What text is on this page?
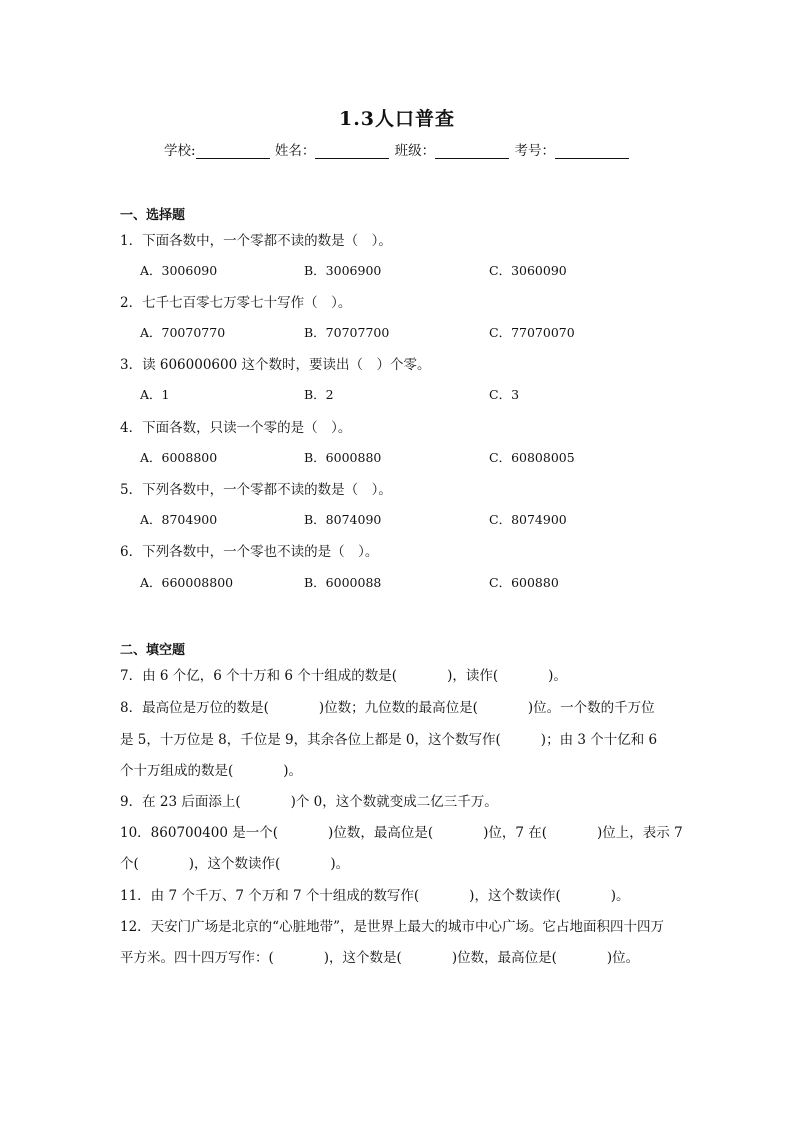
1.3人口普查
学校:	姓名：	班级：	考号：
一、选择题
1．下面各数中，一个零都不读的数是（　）。
A．3006090	B．3006900	C．3060090
2．七千七百零七万零七十写作（　）。
A．70070770	B．70707700	C．77070070
3．读 606000600 这个数时，要读出（　）个零。
A．1	B．2	C．3
4．下面各数，只读一个零的是（　）。
A．6008800	B．6000880	C．60808005
5．下列各数中，一个零都不读的数是（　）。
A．8704900	B．8074090	C．8074900
6．下列各数中，一个零也不读的是（　）。
A．660008800	B．6000088	C．600880
二、填空题
7．由 6 个亿，6 个十万和 6 个十组成的数是(	)，读作(	)。
8．最高位是万位的数是(	)位数；九位数的最高位是(	)位。一个数的千万位
是 5，十万位是 8，千位是 9，其余各位上都是 0，这个数写作(	)；由 3 个十亿和 6
个十万组成的数是(	)。
9．在 23 后面添上(	)个 0，这个数就变成二亿三千万。
10．860700400 是一个(	)位数，最高位是(	)位，7 在(	)位上，表示 7
个(	)，这个数读作(	)。
11．由 7 个千万、7 个万和 7 个十组成的数写作(	)，这个数读作(	)。
12．天安门广场是北京的“心脏地带”，是世界上最大的城市中心广场。它占地面积四十四万
平方米。四十四万写作：(	)，这个数是(	)位数，最高位是(	)位。
